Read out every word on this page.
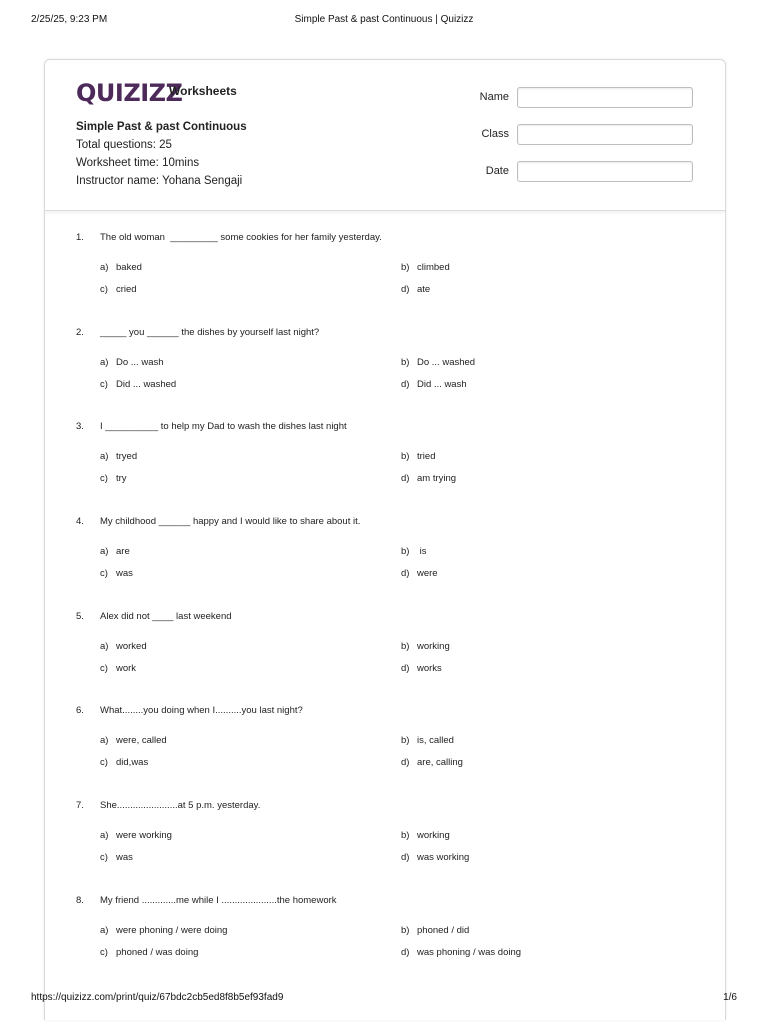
2/25/25, 9:23 PM	Simple Past & past Continuous | Quizizz
QUIZIZZ
Worksheets
Simple Past & past Continuous
Total questions: 25
Worksheet time: 10mins
Instructor name: Yohana Sengaji
Name
Class
Date
1. The old woman  _________ some cookies for her family yesterday.
a) baked	b) climbed
c) cried	d) ate
2. _____ you ______ the dishes by yourself last night?
a) Do ... wash	b) Do ... washed
c) Did ... washed	d) Did ... wash
3. I __________ to help my Dad to wash the dishes last night
a) tryed	b) tried
c) try	d) am trying
4. My childhood ______ happy and I would like to share about it.
a) are	b) is
c) was	d) were
5. Alex did not ____ last weekend
a) worked	b) working
c) work	d) works
6. What........you doing when I..........you last night?
a) were, called	b) is, called
c) did,was	d) are, calling
7. She.......................at 5 p.m. yesterday.
a) were working	b) working
c) was	d) was working
8. My friend .............me while I .....................the homework
a) were phoning / were doing	b) phoned / did
c) phoned / was doing	d) was phoning / was doing
https://quizizz.com/print/quiz/67bdc2cb5ed8f8b5ef93fad9	1/6
